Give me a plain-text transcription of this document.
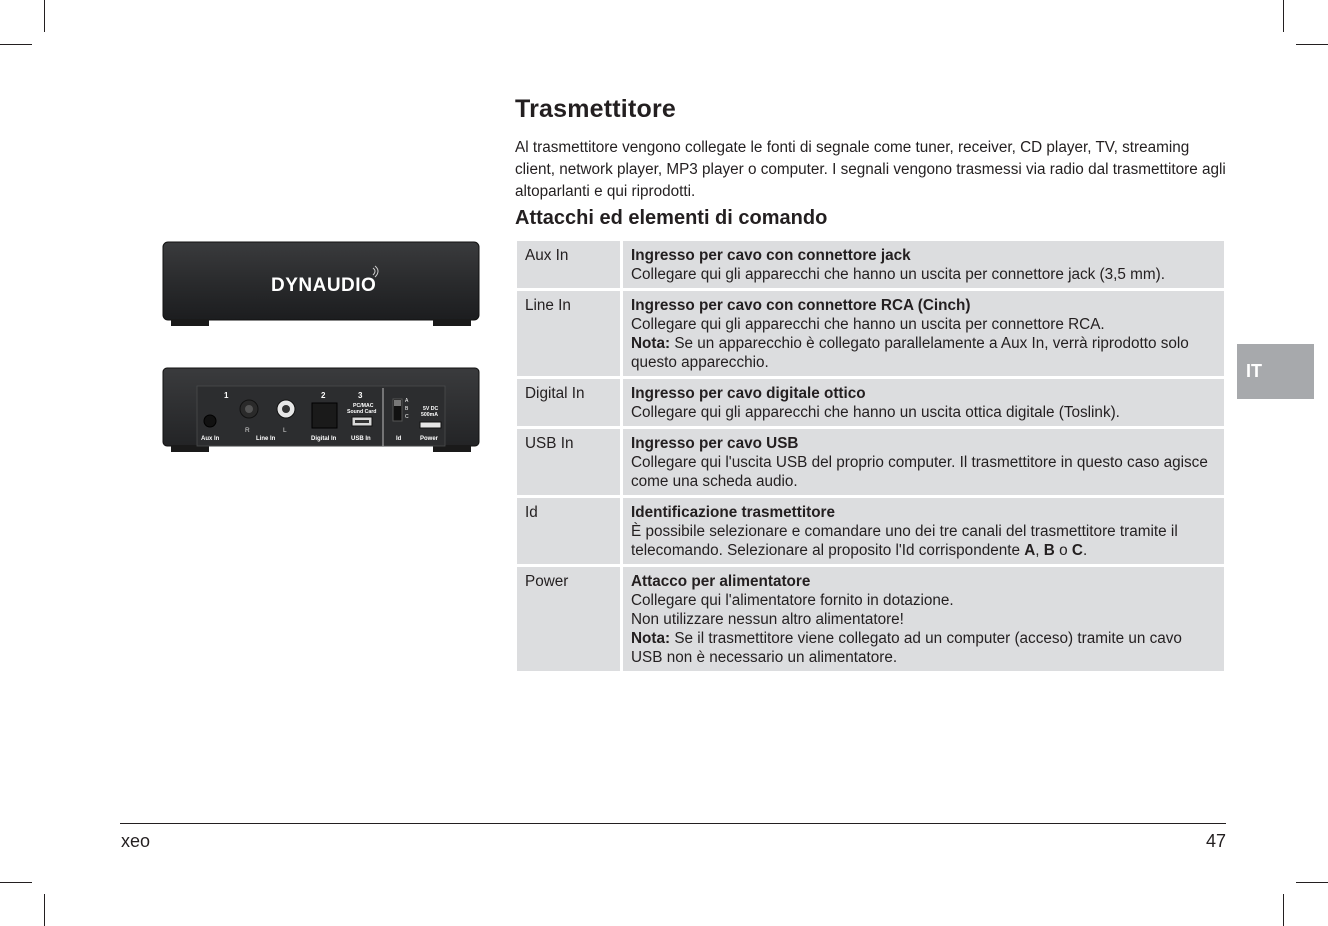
Trasmettitore

Al trasmettitore vengono collegate le fonti di segnale come tuner, receiver, CD player, TV, streaming client, network player, MP3 player o computer. I segnali vengono trasmessi via radio dal trasmettitore agli altoparlanti e qui riprodotti.

Attacchi ed elementi di comando
DYNAUDIO
1	2	3
R	L
PC/MAC
Sound Card
A
B
C
5V DC
500mA
Aux In	Line In	Digital In USB In	Id	Power
Aux In	Ingresso per cavo con connettore jack
Collegare qui gli apparecchi che hanno un uscita per connettore jack (3,5 mm).

Line In	Ingresso per cavo con connettore RCA (Cinch)
Collegare qui gli apparecchi che hanno un uscita per connettore RCA.
Nota: Se un apparecchio è collegato parallelamente a Aux In, verrà riprodotto solo questo apparecchio.

Digital In	Ingresso per cavo digitale ottico
Collegare qui gli apparecchi che hanno un uscita ottica digitale (Toslink).

USB In	Ingresso per cavo USB
Collegare qui l'uscita USB del proprio computer. Il trasmettitore in questo caso agisce come una scheda audio.

Id	Identificazione trasmettitore
È possibile selezionare e comandare uno dei tre canali del trasmettitore tramite il telecomando. Selezionare al proposito l'Id corrispondente A, B o C.

Power	Attacco per alimentatore
Collegare qui l'alimentatore fornito in dotazione.
Non utilizzare nessun altro alimentatore!
Nota: Se il trasmettitore viene collegato ad un computer (acceso) tramite un cavo USB non è necessario un alimentatore.
IT
xeo	47
